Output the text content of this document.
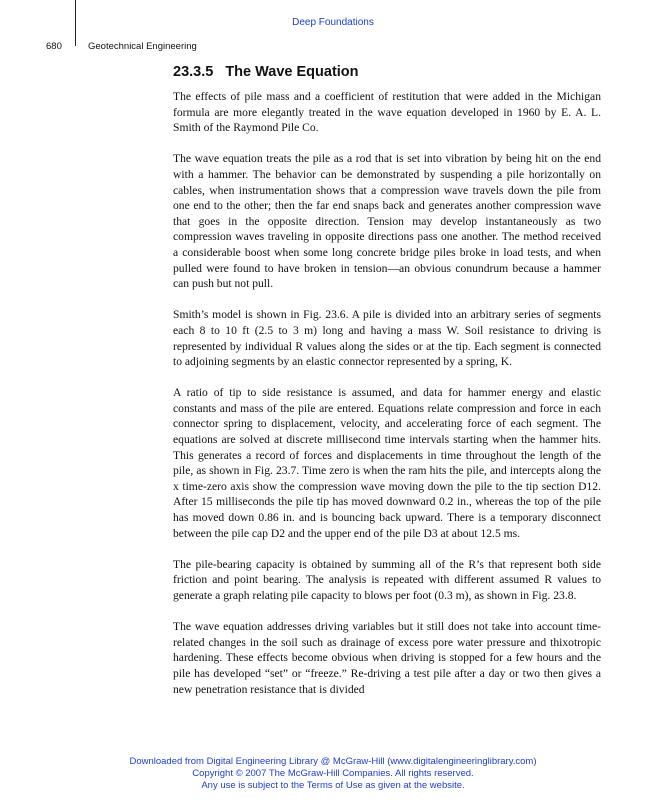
Deep Foundations
680	Geotechnical Engineering
23.3.5 The Wave Equation

The effects of pile mass and a coefficient of restitution that were added in the Michigan formula are more elegantly treated in the wave equation developed in 1960 by E. A. L. Smith of the Raymond Pile Co.

The wave equation treats the pile as a rod that is set into vibration by being hit on the end with a hammer. The behavior can be demonstrated by suspending a pile horizontally on cables, when instrumentation shows that a compression wave travels down the pile from one end to the other; then the far end snaps back and generates another compression wave that goes in the opposite direction. Tension may develop instantaneously as two compression waves traveling in opposite directions pass one another. The method received a considerable boost when some long concrete bridge piles broke in load tests, and when pulled were found to have broken in tension—an obvious conundrum because a hammer can push but not pull.

Smith’s model is shown in Fig. 23.6. A pile is divided into an arbitrary series of segments each 8 to 10 ft (2.5 to 3 m) long and having a mass W. Soil resistance to driving is represented by individual R values along the sides or at the tip. Each segment is connected to adjoining segments by an elastic connector represented by a spring, K.

A ratio of tip to side resistance is assumed, and data for hammer energy and elastic constants and mass of the pile are entered. Equations relate compression and force in each connector spring to displacement, velocity, and accelerating force of each segment. The equations are solved at discrete millisecond time intervals starting when the hammer hits. This generates a record of forces and displacements in time throughout the length of the pile, as shown in Fig. 23.7. Time zero is when the ram hits the pile, and intercepts along the x time-zero axis show the compression wave moving down the pile to the tip section D12. After 15 milliseconds the pile tip has moved downward 0.2 in., whereas the top of the pile has moved down 0.86 in. and is bouncing back upward. There is a temporary disconnect between the pile cap D2 and the upper end of the pile D3 at about 12.5 ms.

The pile-bearing capacity is obtained by summing all of the R’s that represent both side friction and point bearing. The analysis is repeated with different assumed R values to generate a graph relating pile capacity to blows per foot (0.3 m), as shown in Fig. 23.8.

The wave equation addresses driving variables but it still does not take into account time-related changes in the soil such as drainage of excess pore water pressure and thixotropic hardening. These effects become obvious when driving is stopped for a few hours and the pile has developed “set” or “freeze.” Re-driving a test pile after a day or two then gives a new penetration resistance that is divided

Downloaded from Digital Engineering Library @ McGraw-Hill (www.digitalengineeringlibrary.com)
Copyright © 2007 The McGraw-Hill Companies. All rights reserved.
Any use is subject to the Terms of Use as given at the website.
